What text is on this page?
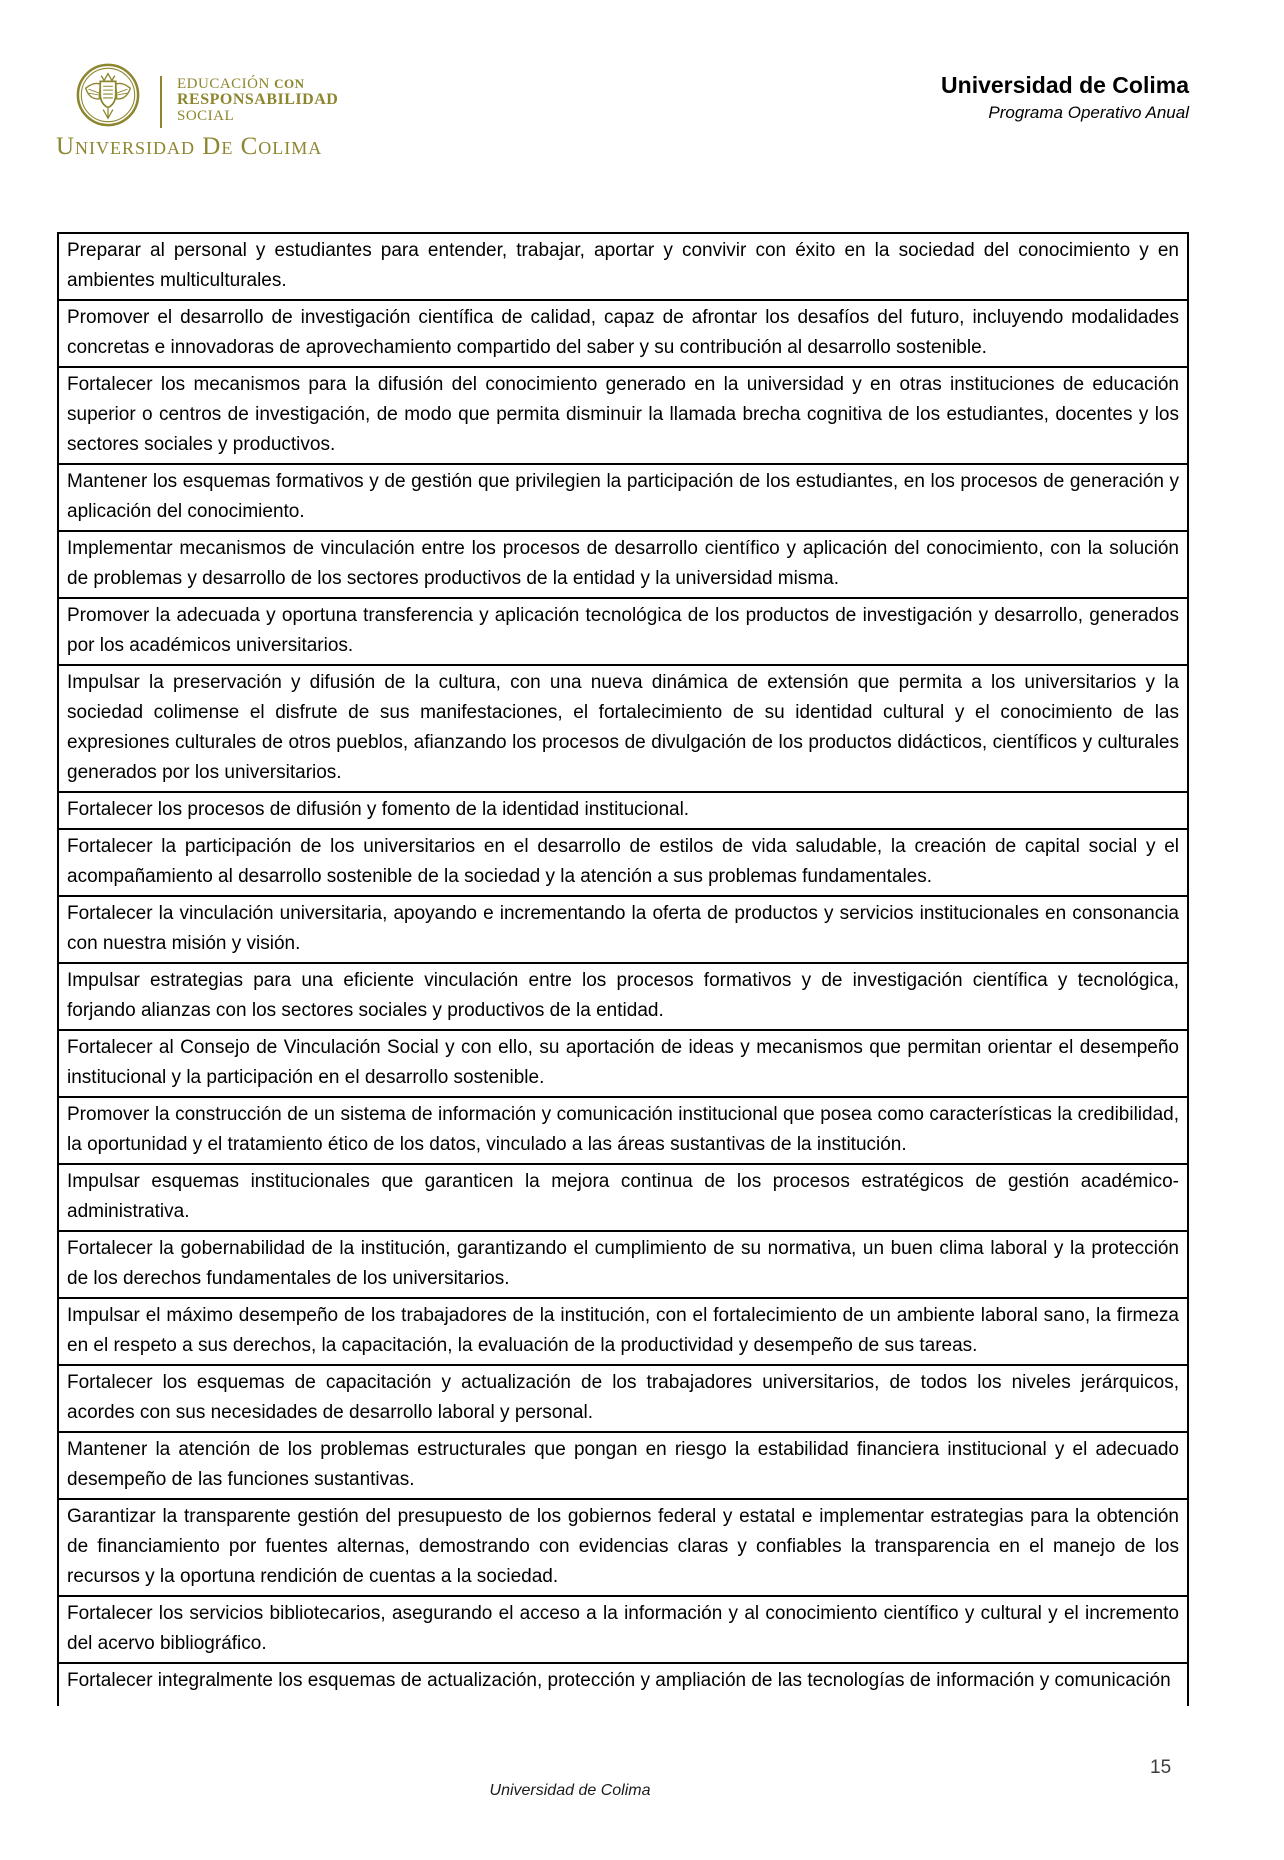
EDUCACIÓN CON
RESPONSABILIDAD
SOCIAL
Universidad De Colima
Universidad de Colima
Programa Operativo Anual
Preparar al personal y estudiantes para entender, trabajar, aportar y convivir con éxito en la sociedad del conocimiento y en ambientes multiculturales.
Promover el desarrollo de investigación científica de calidad, capaz de afrontar los desafíos del futuro, incluyendo modalidades concretas e innovadoras de aprovechamiento compartido del saber y su contribución al desarrollo sostenible.
Fortalecer los mecanismos para la difusión del conocimiento generado en la universidad y en otras instituciones de educación superior o centros de investigación, de modo que permita disminuir la llamada brecha cognitiva de los estudiantes, docentes y los sectores sociales y productivos.
Mantener los esquemas formativos y de gestión que privilegien la participación de los estudiantes, en los procesos de generación y aplicación del conocimiento.
Implementar mecanismos de vinculación entre los procesos de desarrollo científico y aplicación del conocimiento, con la solución de problemas y desarrollo de los sectores productivos de la entidad y la universidad misma.
Promover la adecuada y oportuna transferencia y aplicación tecnológica de los productos de investigación y desarrollo, generados por los académicos universitarios.
Impulsar la preservación y difusión de la cultura, con una nueva dinámica de extensión que permita a los universitarios y la sociedad colimense el disfrute de sus manifestaciones, el fortalecimiento de su identidad cultural y el conocimiento de las expresiones culturales de otros pueblos, afianzando los procesos de divulgación de los productos didácticos, científicos y culturales generados por los universitarios.
Fortalecer los procesos de difusión y fomento de la identidad institucional.
Fortalecer la participación de los universitarios en el desarrollo de estilos de vida saludable, la creación de capital social y el acompañamiento al desarrollo sostenible de la sociedad y la atención a sus problemas fundamentales.
Fortalecer la vinculación universitaria, apoyando e incrementando la oferta de productos y servicios institucionales en consonancia con nuestra misión y visión.
Impulsar estrategias para una eficiente vinculación entre los procesos formativos y de investigación científica y tecnológica, forjando alianzas con los sectores sociales y productivos de la entidad.
Fortalecer al Consejo de Vinculación Social y con ello, su aportación de ideas y mecanismos que permitan orientar el desempeño institucional y la participación en el desarrollo sostenible.
Promover la construcción de un sistema de información y comunicación institucional que posea como características la credibilidad, la oportunidad y el tratamiento ético de los datos, vinculado a las áreas sustantivas de la institución.
Impulsar esquemas institucionales que garanticen la mejora continua de los procesos estratégicos de gestión académico-administrativa.
Fortalecer la gobernabilidad de la institución, garantizando el cumplimiento de su normativa, un buen clima laboral y la protección de los derechos fundamentales de los universitarios.
Impulsar el máximo desempeño de los trabajadores de la institución, con el fortalecimiento de un ambiente laboral sano, la firmeza en el respeto a sus derechos, la capacitación, la evaluación de la productividad y desempeño de sus tareas.
Fortalecer los esquemas de capacitación y actualización de los trabajadores universitarios, de todos los niveles jerárquicos, acordes con sus necesidades de desarrollo laboral y personal.
Mantener la atención de los problemas estructurales que pongan en riesgo la estabilidad financiera institucional y el adecuado desempeño de las funciones sustantivas.
Garantizar la transparente gestión del presupuesto de los gobiernos federal y estatal e implementar estrategias para la obtención de financiamiento por fuentes alternas, demostrando con evidencias claras y confiables la transparencia en el manejo de los recursos y la oportuna rendición de cuentas a la sociedad.
Fortalecer los servicios bibliotecarios, asegurando el acceso a la información y al conocimiento científico y cultural y el incremento del acervo bibliográfico.
Fortalecer integralmente los esquemas de actualización, protección y ampliación de las tecnologías de información y comunicación
Universidad de Colima
15
